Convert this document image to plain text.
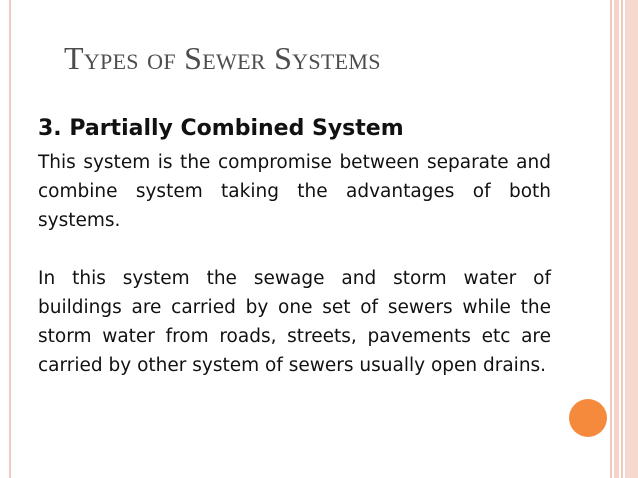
Types of Sewer Systems
3. Partially Combined System

This system is the compromise between separate and combine system taking the advantages of both systems.

In this system the sewage and storm water of buildings are carried by one set of sewers while the storm water from roads, streets, pavements etc are carried by other system of sewers usually open drains.
